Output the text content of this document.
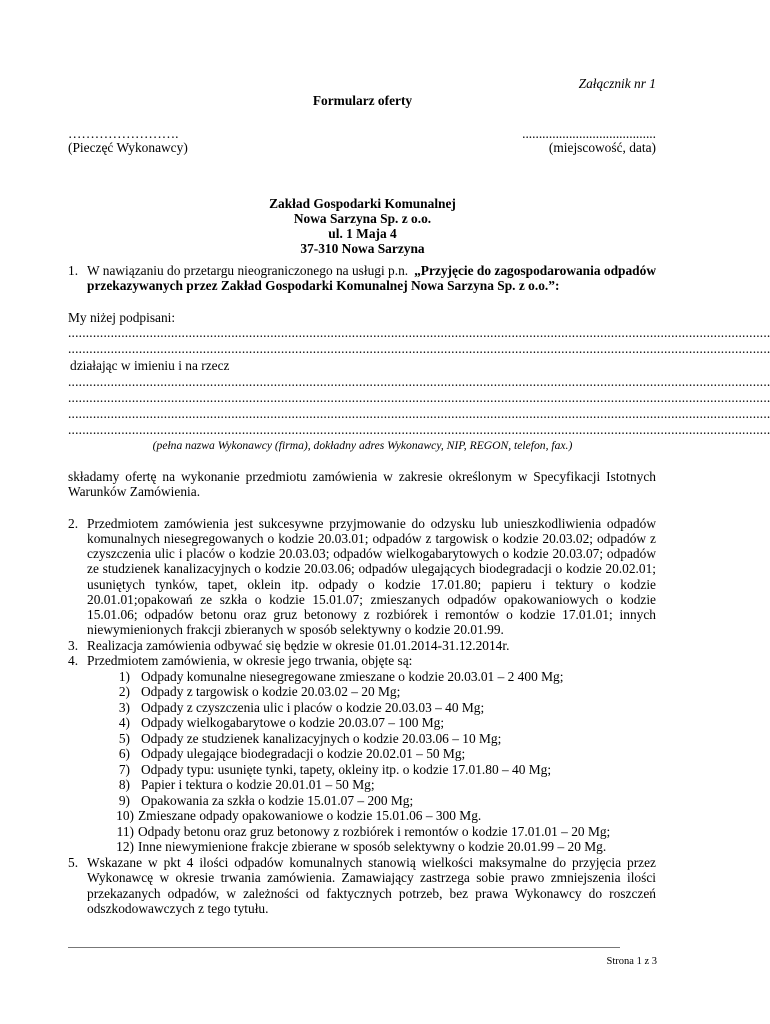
Załącznik nr 1
Formularz oferty
…………………….
(Pieczęć Wykonawcy)
........................................
(miejscowość, data)
Zakład Gospodarki Komunalnej
Nowa Sarzyna Sp. z o.o.
ul. 1 Maja 4
37-310 Nowa Sarzyna
1. W nawiązaniu do przetargu nieograniczonego na usługi p.n. „Przyjęcie do zagospodarowania odpadów
przekazywanych przez Zakład Gospodarki Komunalnej Nowa Sarzyna Sp. z o.o.”:
My niżej podpisani:
......................................................................................................................................................................................................
......................................................................................................................................................................................................
działając w imieniu i na rzecz
......................................................................................................................................................................................................
......................................................................................................................................................................................................
......................................................................................................................................................................................................
......................................................................................................................................................................................................
(pełna nazwa Wykonawcy (firma), dokładny adres Wykonawcy, NIP, REGON, telefon, fax.)
składamy ofertę na wykonanie przedmiotu zamówienia w zakresie określonym w Specyfikacji Istotnych
Warunków Zamówienia.
2. Przedmiotem zamówienia jest sukcesywne przyjmowanie do odzysku lub unieszkodliwienia odpadów
komunalnych niesegregowanych o kodzie 20.03.01; odpadów z targowisk o kodzie 20.03.02; odpadów z
czyszczenia ulic i placów o kodzie 20.03.03; odpadów wielkogabarytowych o kodzie 20.03.07; odpadów
ze studzienek kanalizacyjnych o kodzie 20.03.06; odpadów ulegających biodegradacji o kodzie 20.02.01;
usuniętych tynków, tapet, oklein itp. odpady o kodzie 17.01.80; papieru i tektury o kodzie
20.01.01;opakowań ze szkła o kodzie 15.01.07; zmieszanych odpadów opakowaniowych o kodzie
15.01.06; odpadów betonu oraz gruz betonowy z rozbiórek i remontów o kodzie 17.01.01; innych
niewymienionych frakcji zbieranych w sposób selektywny o kodzie 20.01.99.
3. Realizacja zamówienia odbywać się będzie w okresie 01.01.2014-31.12.2014r.
4. Przedmiotem zamówienia, w okresie jego trwania, objęte są:
1) Odpady komunalne niesegregowane zmieszane o kodzie 20.03.01 – 2 400 Mg;
2) Odpady z targowisk o kodzie 20.03.02 – 20 Mg;
3) Odpady z czyszczenia ulic i placów o kodzie 20.03.03 – 40 Mg;
4) Odpady wielkogabarytowe o kodzie 20.03.07 – 100 Mg;
5) Odpady ze studzienek kanalizacyjnych o kodzie 20.03.06 – 10 Mg;
6) Odpady ulegające biodegradacji o kodzie 20.02.01 – 50 Mg;
7) Odpady typu: usunięte tynki, tapety, okleiny itp. o kodzie 17.01.80 – 40 Mg;
8) Papier i tektura o kodzie 20.01.01 – 50 Mg;
9) Opakowania za szkła o kodzie 15.01.07 – 200 Mg;
10) Zmieszane odpady opakowaniowe o kodzie 15.01.06 – 300 Mg.
11) Odpady betonu oraz gruz betonowy z rozbiórek i remontów o kodzie 17.01.01 – 20 Mg;
12) Inne niewymienione frakcje zbierane w sposób selektywny o kodzie 20.01.99 – 20 Mg.
5. Wskazane w pkt 4 ilości odpadów komunalnych stanowią wielkości maksymalne do przyjęcia przez
Wykonawcę w okresie trwania zamówienia. Zamawiający zastrzega sobie prawo zmniejszenia ilości
przekazanych odpadów, w zależności od faktycznych potrzeb, bez prawa Wykonawcy do roszczeń
odszkodowawczych z tego tytułu.
Strona 1 z 3
